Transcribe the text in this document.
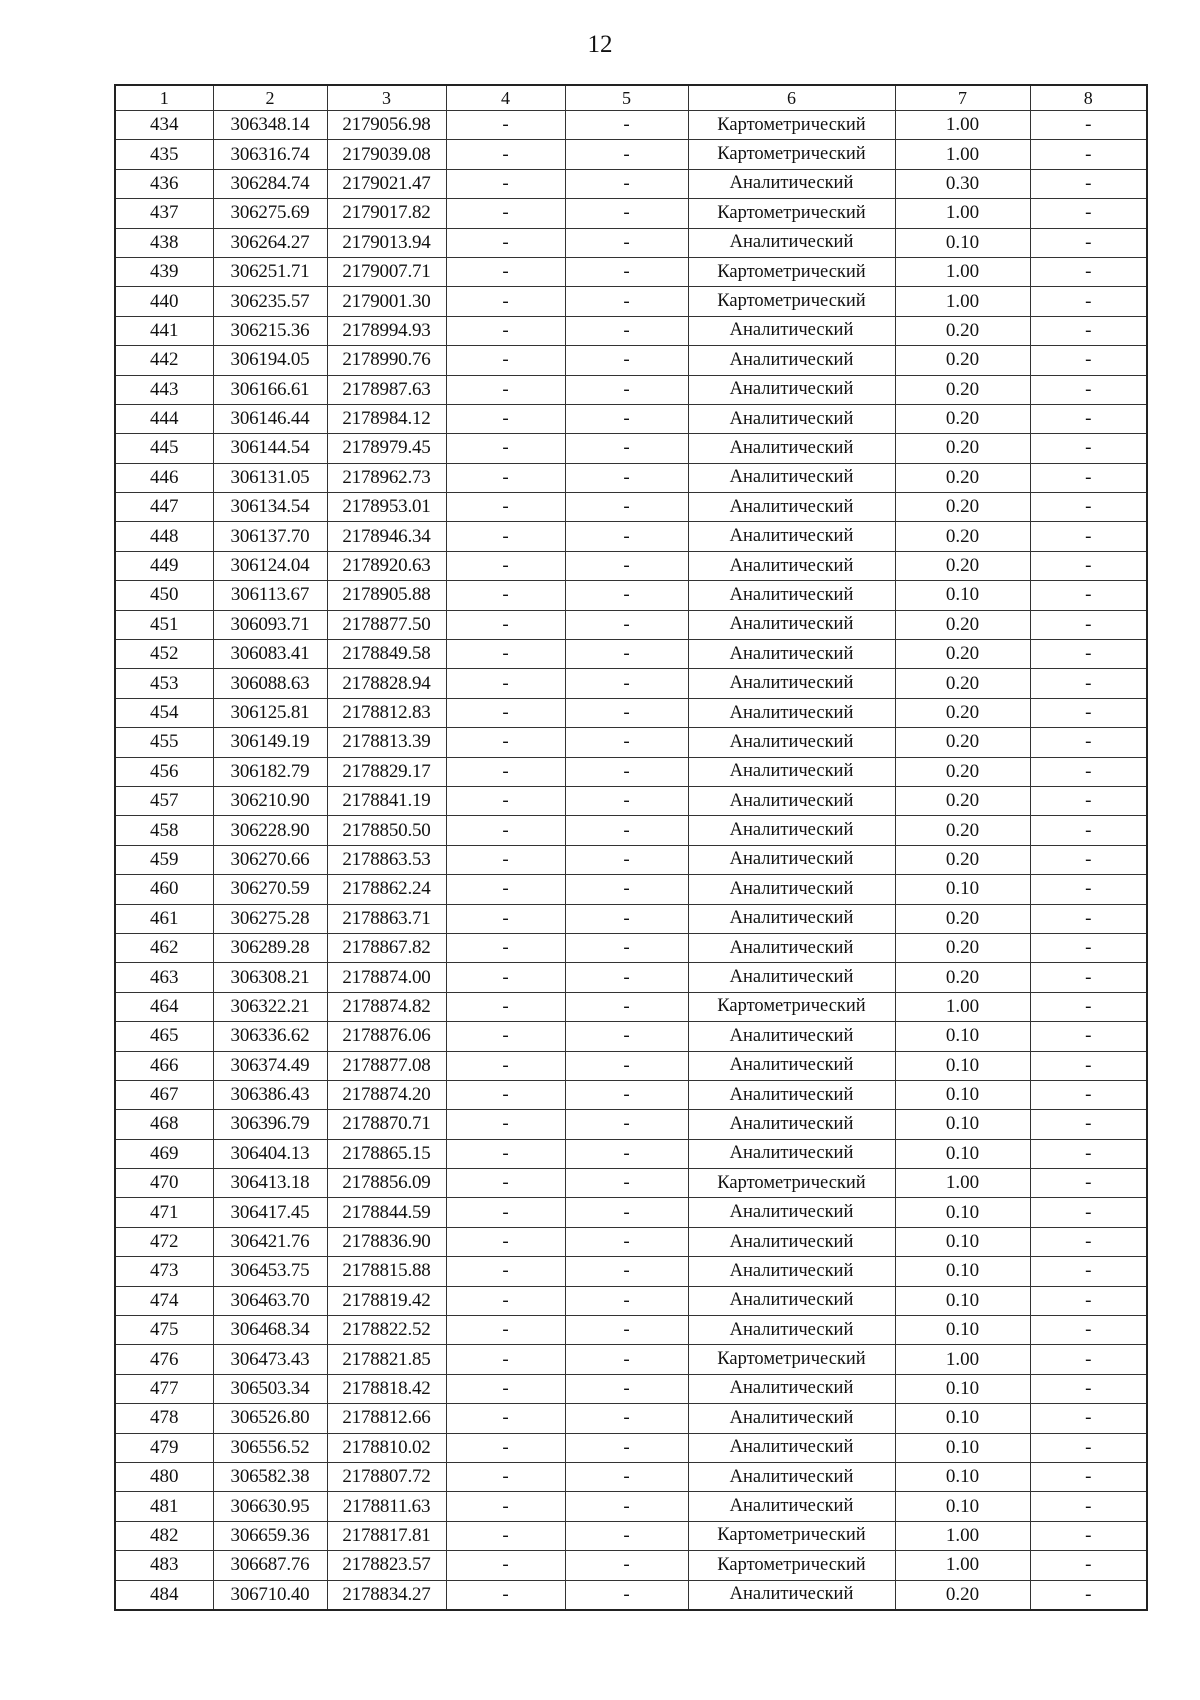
12
1	2	3	4	5	6	7	8
434	306348.14	2179056.98	-	-	Картометрический	1.00	-
435	306316.74	2179039.08	-	-	Картометрический	1.00	-
436	306284.74	2179021.47	-	-	Аналитический	0.30	-
437	306275.69	2179017.82	-	-	Картометрический	1.00	-
438	306264.27	2179013.94	-	-	Аналитический	0.10	-
439	306251.71	2179007.71	-	-	Картометрический	1.00	-
440	306235.57	2179001.30	-	-	Картометрический	1.00	-
441	306215.36	2178994.93	-	-	Аналитический	0.20	-
442	306194.05	2178990.76	-	-	Аналитический	0.20	-
443	306166.61	2178987.63	-	-	Аналитический	0.20	-
444	306146.44	2178984.12	-	-	Аналитический	0.20	-
445	306144.54	2178979.45	-	-	Аналитический	0.20	-
446	306131.05	2178962.73	-	-	Аналитический	0.20	-
447	306134.54	2178953.01	-	-	Аналитический	0.20	-
448	306137.70	2178946.34	-	-	Аналитический	0.20	-
449	306124.04	2178920.63	-	-	Аналитический	0.20	-
450	306113.67	2178905.88	-	-	Аналитический	0.10	-
451	306093.71	2178877.50	-	-	Аналитический	0.20	-
452	306083.41	2178849.58	-	-	Аналитический	0.20	-
453	306088.63	2178828.94	-	-	Аналитический	0.20	-
454	306125.81	2178812.83	-	-	Аналитический	0.20	-
455	306149.19	2178813.39	-	-	Аналитический	0.20	-
456	306182.79	2178829.17	-	-	Аналитический	0.20	-
457	306210.90	2178841.19	-	-	Аналитический	0.20	-
458	306228.90	2178850.50	-	-	Аналитический	0.20	-
459	306270.66	2178863.53	-	-	Аналитический	0.20	-
460	306270.59	2178862.24	-	-	Аналитический	0.10	-
461	306275.28	2178863.71	-	-	Аналитический	0.20	-
462	306289.28	2178867.82	-	-	Аналитический	0.20	-
463	306308.21	2178874.00	-	-	Аналитический	0.20	-
464	306322.21	2178874.82	-	-	Картометрический	1.00	-
465	306336.62	2178876.06	-	-	Аналитический	0.10	-
466	306374.49	2178877.08	-	-	Аналитический	0.10	-
467	306386.43	2178874.20	-	-	Аналитический	0.10	-
468	306396.79	2178870.71	-	-	Аналитический	0.10	-
469	306404.13	2178865.15	-	-	Аналитический	0.10	-
470	306413.18	2178856.09	-	-	Картометрический	1.00	-
471	306417.45	2178844.59	-	-	Аналитический	0.10	-
472	306421.76	2178836.90	-	-	Аналитический	0.10	-
473	306453.75	2178815.88	-	-	Аналитический	0.10	-
474	306463.70	2178819.42	-	-	Аналитический	0.10	-
475	306468.34	2178822.52	-	-	Аналитический	0.10	-
476	306473.43	2178821.85	-	-	Картометрический	1.00	-
477	306503.34	2178818.42	-	-	Аналитический	0.10	-
478	306526.80	2178812.66	-	-	Аналитический	0.10	-
479	306556.52	2178810.02	-	-	Аналитический	0.10	-
480	306582.38	2178807.72	-	-	Аналитический	0.10	-
481	306630.95	2178811.63	-	-	Аналитический	0.10	-
482	306659.36	2178817.81	-	-	Картометрический	1.00	-
483	306687.76	2178823.57	-	-	Картометрический	1.00	-
484	306710.40	2178834.27	-	-	Аналитический	0.20	-
